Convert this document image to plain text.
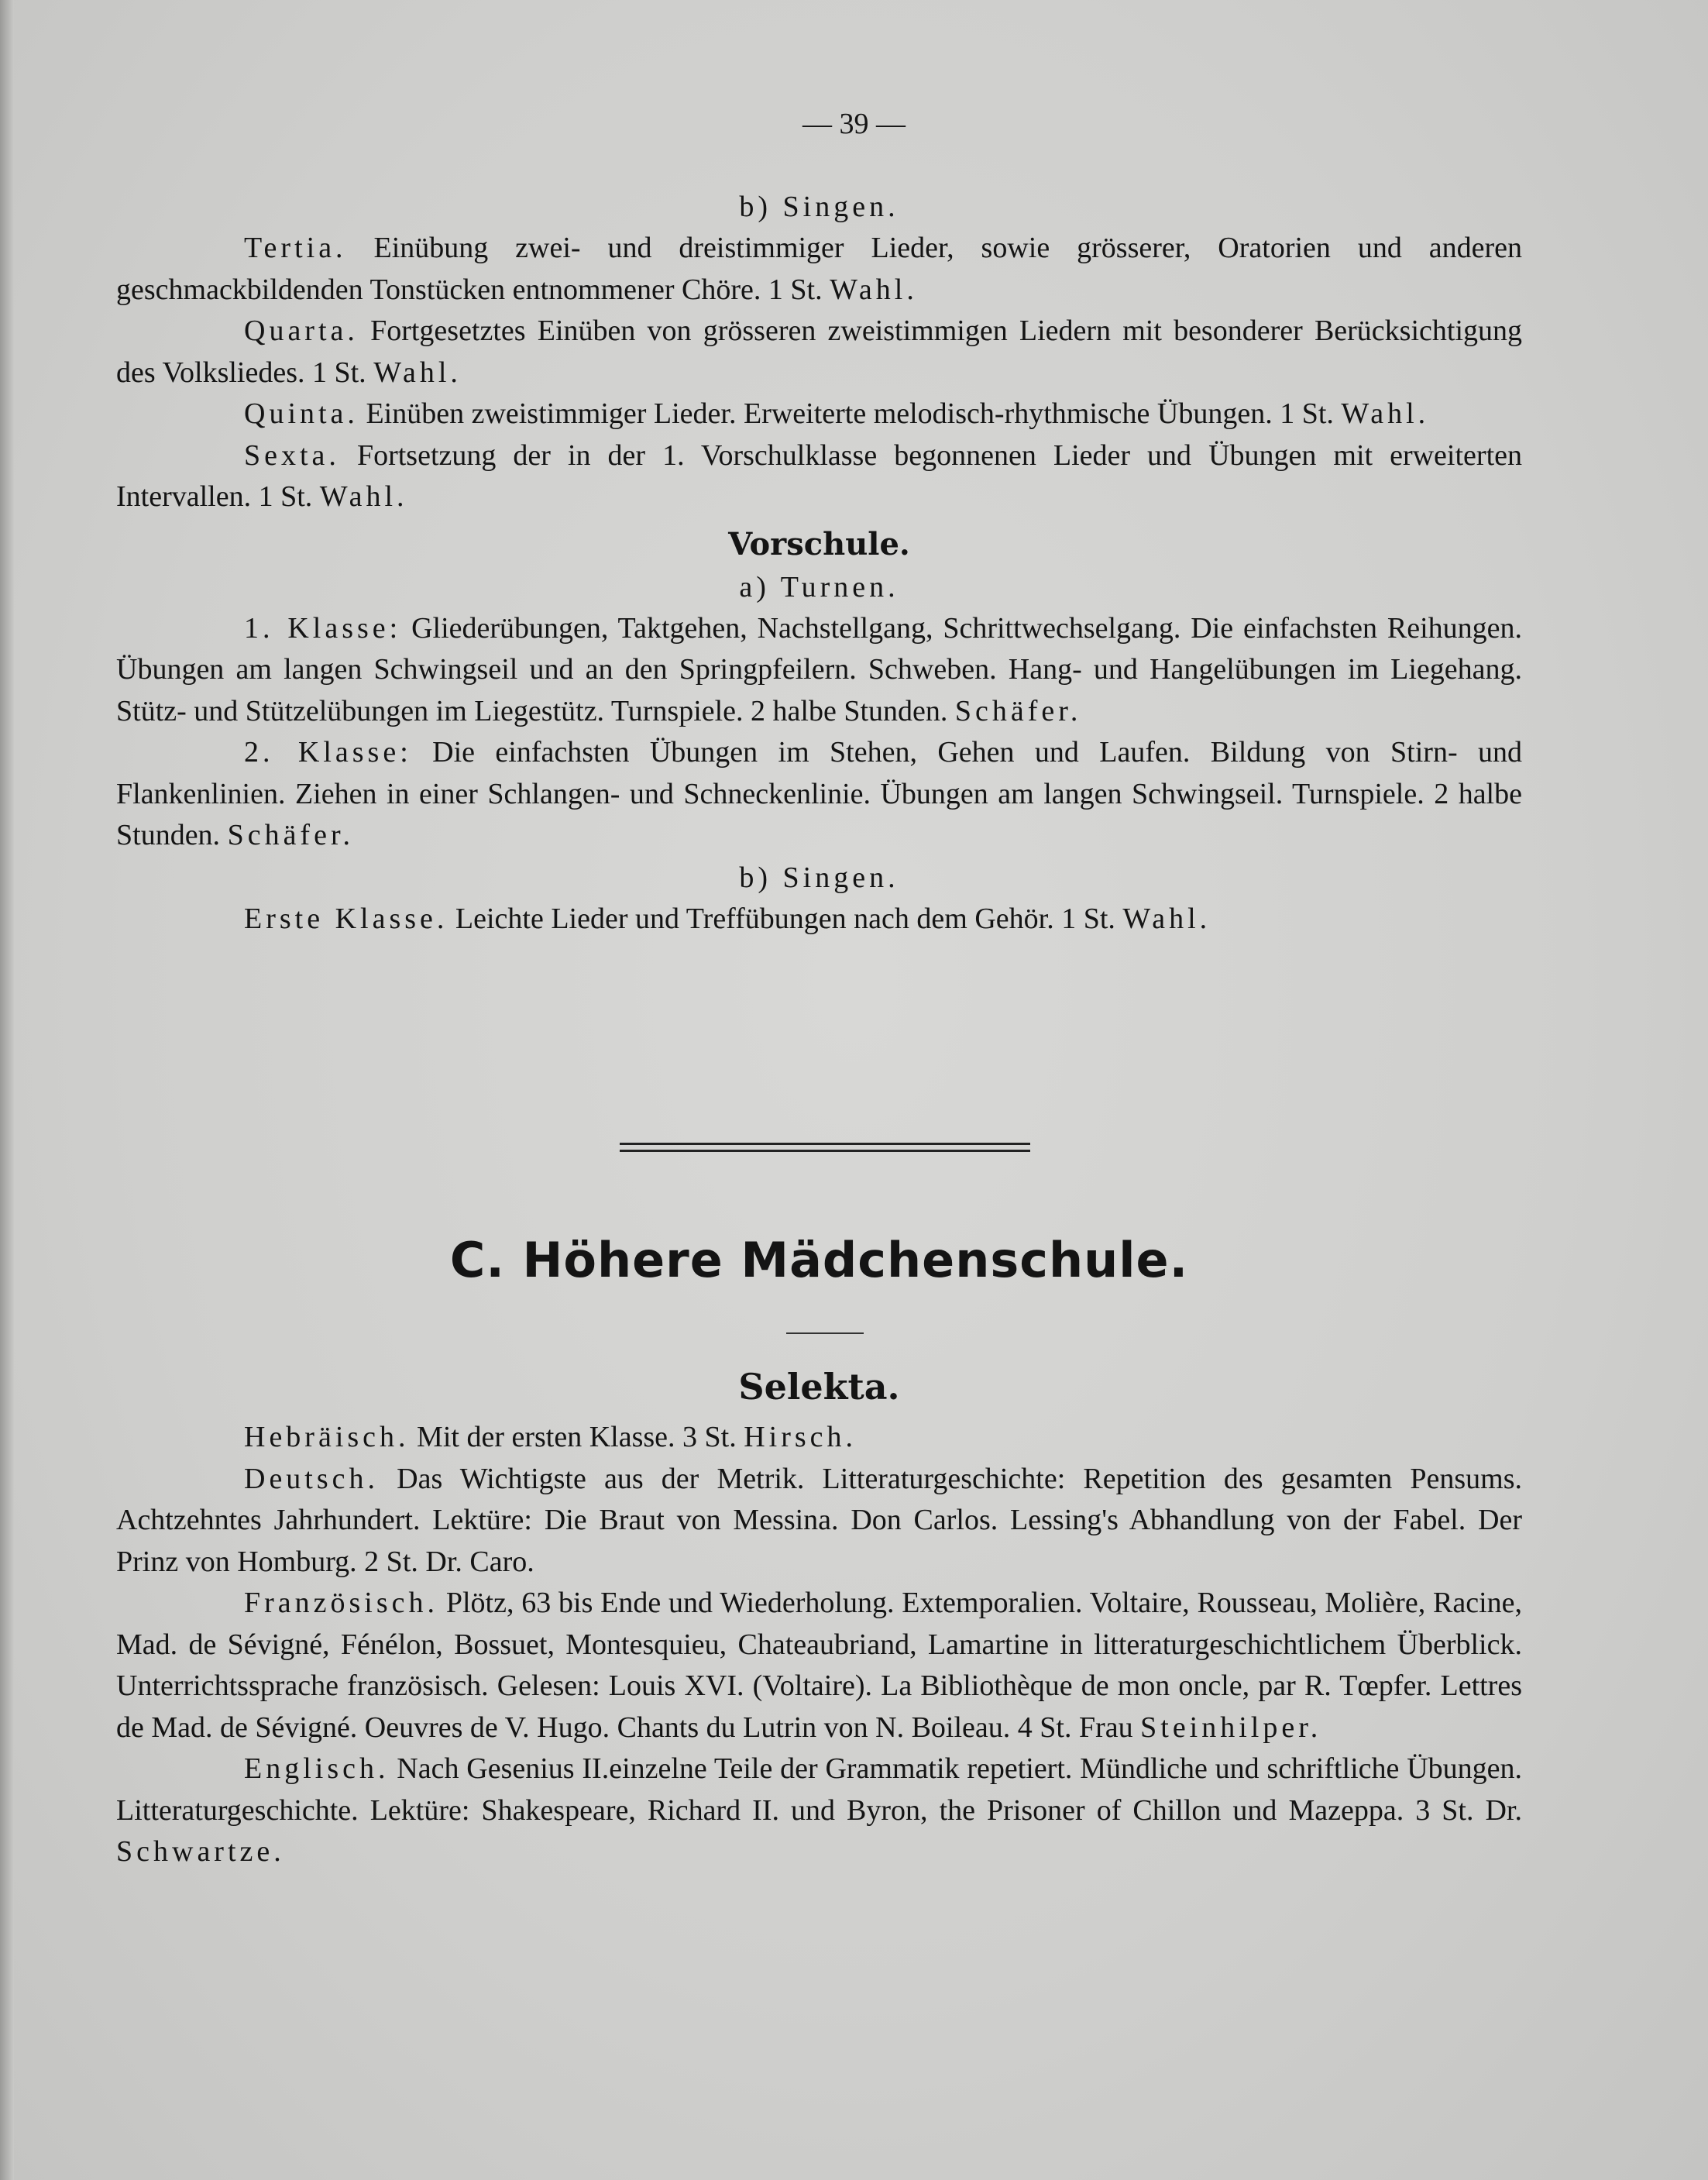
— 39 —
b) Singen.

Tertia. Einübung zwei- und dreistimmiger Lieder, sowie grösserer, Oratorien und anderen geschmackbildenden Tonstücken entnommener Chöre. 1 St. Wahl.

Quarta. Fortgesetztes Einüben von grösseren zweistimmigen Liedern mit besonderer Berücksichtigung des Volksliedes. 1 St. Wahl.

Quinta. Einüben zweistimmiger Lieder. Erweiterte melodisch-rhythmische Übungen. 1 St. Wahl.

Sexta. Fortsetzung der in der 1. Vorschulklasse begonnenen Lieder und Übungen mit erweiterten Intervallen. 1 St. Wahl.

Vorschule.
a) Turnen.

1. Klasse: Gliederübungen, Taktgehen, Nachstellgang, Schrittwechselgang. Die einfachsten Reihungen. Übungen am langen Schwingseil und an den Springpfeilern. Schweben. Hang- und Hangelübungen im Liegehang. Stütz- und Stützelübungen im Liegestütz. Turnspiele. 2 halbe Stunden. Schäfer.

2. Klasse: Die einfachsten Übungen im Stehen, Gehen und Laufen. Bildung von Stirn- und Flankenlinien. Ziehen in einer Schlangen- und Schneckenlinie. Übungen am langen Schwingseil. Turnspiele. 2 halbe Stunden. Schäfer.

b) Singen.

Erste Klasse. Leichte Lieder und Treffübungen nach dem Gehör. 1 St. Wahl.

C. Höhere Mädchenschule.
Selekta.

Hebräisch. Mit der ersten Klasse. 3 St. Hirsch.

Deutsch. Das Wichtigste aus der Metrik. Litteraturgeschichte: Repetition des gesamten Pensums. Achtzehntes Jahrhundert. Lektüre: Die Braut von Messina. Don Carlos. Lessing's Abhandlung von der Fabel. Der Prinz von Homburg. 2 St. Dr. Caro.

Französisch. Plötz, 63 bis Ende und Wiederholung. Extemporalien. Voltaire, Rousseau, Molière, Racine, Mad. de Sévigné, Fénélon, Bossuet, Montesquieu, Chateaubriand, Lamartine in litteraturgeschichtlichem Überblick. Unterrichtssprache französisch. Gelesen: Louis XVI. (Voltaire). La Bibliothèque de mon oncle, par R. Tœpfer. Lettres de Mad. de Sévigné. Oeuvres de V. Hugo. Chants du Lutrin von N. Boileau. 4 St. Frau Steinhilper.

Englisch. Nach Gesenius II.einzelne Teile der Grammatik repetiert. Mündliche und schriftliche Übungen. Litteraturgeschichte. Lektüre: Shakespeare, Richard II. und Byron, the Prisoner of Chillon und Mazeppa. 3 St. Dr. Schwartze.
